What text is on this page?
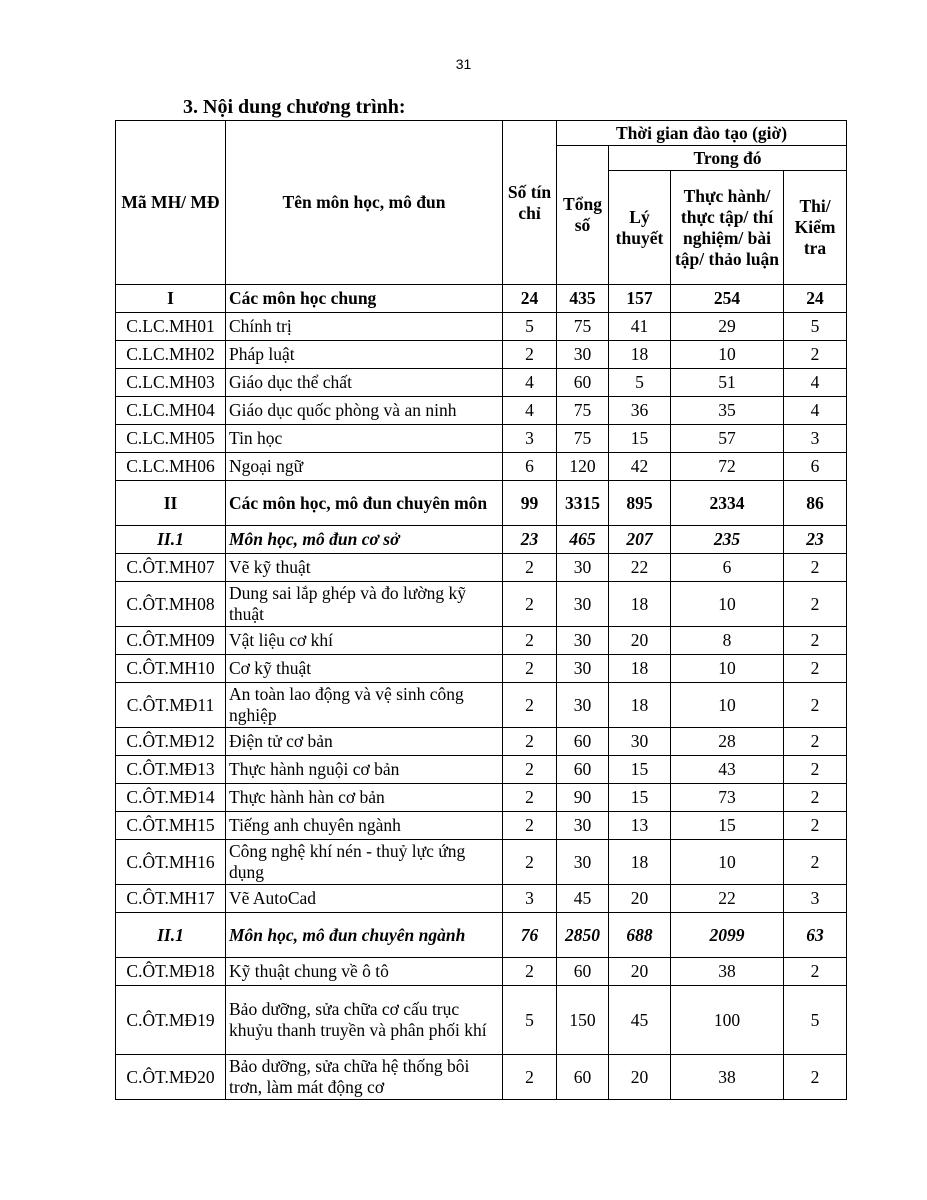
31
3. Nội dung chương trình:
Mã MH/ MĐ	Tên môn học, mô đun	Số tín chỉ	Thời gian đào tạo (giờ)			
			Tổng số	Trong đó		
				Lý thuyết	Thực hành/ thực tập/ thí nghiệm/ bài tập/ thảo luận	Thi/ Kiểm tra
I	Các môn học chung	24	435	157	254	24
C.LC.MH01	Chính trị	5	75	41	29	5
C.LC.MH02	Pháp luật	2	30	18	10	2
C.LC.MH03	Giáo dục thể chất	4	60	5	51	4
C.LC.MH04	Giáo dục quốc phòng và an ninh	4	75	36	35	4
C.LC.MH05	Tin học	3	75	15	57	3
C.LC.MH06	Ngoại ngữ	6	120	42	72	6
II	Các môn học, mô đun chuyên môn	99	3315	895	2334	86
II.1	Môn học, mô đun cơ sở	23	465	207	235	23
C.ÔT.MH07	Vẽ kỹ thuật	2	30	22	6	2
C.ÔT.MH08	Dung sai lắp ghép và đo lường kỹ thuật	2	30	18	10	2
C.ÔT.MH09	Vật liệu cơ khí	2	30	20	8	2
C.ÔT.MH10	Cơ kỹ thuật	2	30	18	10	2
C.ÔT.MĐ11	An toàn lao động và vệ sinh công nghiệp	2	30	18	10	2
C.ÔT.MĐ12	Điện tử cơ bản	2	60	30	28	2
C.ÔT.MĐ13	Thực hành nguội cơ bản	2	60	15	43	2
C.ÔT.MĐ14	Thực hành hàn cơ bản	2	90	15	73	2
C.ÔT.MH15	Tiếng anh chuyên ngành	2	30	13	15	2
C.ÔT.MH16	Công nghệ khí nén - thuỷ lực ứng dụng	2	30	18	10	2
C.ÔT.MH17	Vẽ AutoCad	3	45	20	22	3
II.1	Môn học, mô đun chuyên ngành	76	2850	688	2099	63
C.ÔT.MĐ18	Kỹ thuật chung về ô tô	2	60	20	38	2
C.ÔT.MĐ19	Bảo dưỡng, sửa chữa cơ cấu trục khuỷu thanh truyền và phân phối khí	5	150	45	100	5
C.ÔT.MĐ20	Bảo dưỡng, sửa chữa hệ thống bôi trơn, làm mát động cơ	2	60	20	38	2
